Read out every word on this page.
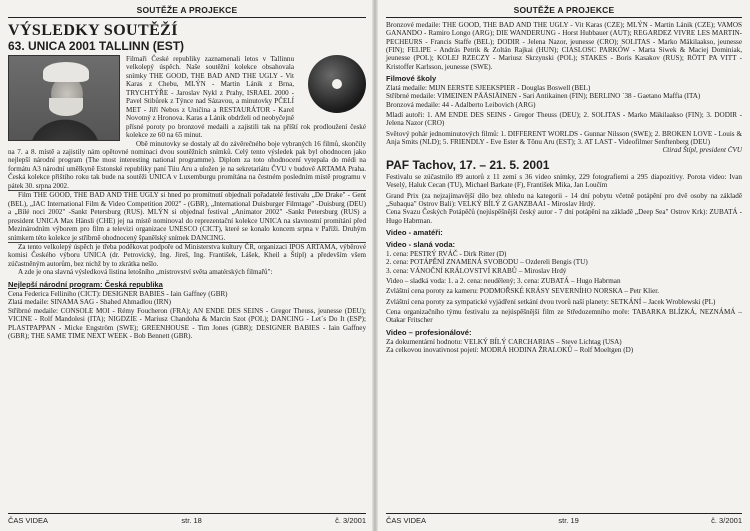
SOUTĚŽE A PROJEKCE
VÝSLEDKY SOUTĚŽÍ
63. UNICA 2001 TALLINN (EST)

Filmaři České republiky zaznamenali letos v Tallinnu velkolepý úspěch. Naše soutěžní kolekce obsahovala snímky THE GOOD, THE BAD AND THE UGLY - Vit Karas z Chebu, MLÝN - Martin Lánik z Brna, TRYCHTÝŘE - Jaroslav Nykl z Prahy, ISRAEL 2000 - Pavel Stibůrek z Týnce nad Sázavou, a minutovky PČELÍ MET - Jiří Nebos z Uničina a RESTAURÁTOR - Karel Novotný z Hronova. Karas a Lánik obdrželi od neobyčejně přísné poroty po bronzové medaili a zajistili tak na příští rok prodloužení české kolekce ze 60 na 65 minut.

Obě minutovky se dostaly až do závěrečného boje vybraných 16 filmů, skončily na 7. a 8. místě a zajistily nám opětovné nominaci dvou soutěžních snímků. Celý tento výsledek pak byl ohodnocen jako nejlepší národní program (The most interesting national programme). Diplom za toto ohodnocení vytepala do médi na formátu A3 národní umělkyně Estonské republiky paní Tiiu Aru a uložen je na sekretariátu ČVU v budově ARTAMA Praha. Česká kolekce přištího roku tak bude na soutěži UNICA v Luxemburgu promítána na čestném posledním místě programu v pátek 30. srpna 2002.

Film THE GOOD, THE BAD AND THE UGLY si hned po promítnutí objednali pořadatelé festivalu „De Drake" - Gent (BEL), „IAC International Film & Video Competition 2002" - (GBR), „International Duisburger Filmtage" -Duisburg (DEU) a „Bílé noci 2002" -Sankt Petersburg (RUS). MLÝN si objednal festival „Animator 2002" -Sankt Petersburg (RUS) a president UNICA Max Hänsli (CHE) jej na místě nominoval do reprezentační kolekce UNICA na slavnostní promítání před Mezinárodním výborem pro film a televizi organizace UNESCO (CICT), které se konalo koncem srpna v Paříži. Druhým snímkem této kolekce je stříbrně ohodnocený španělský snímek DANCING.

Za tento velkolepý úspěch je třeba poděkovat podpoře od Ministerstva kultury ČR, organizaci IPOS ARTAMA, výběrové komisi Českého výboru UNICA (dr. Petrovický, Ing. Jireš, Ing. František, Lášek, Kheil a Štípl) a především všem zúčastněným autorům, bez nichž by to zkrátka nešlo.

A zde je ona slavná výsledková listina letošního „mistrovství světa amatérských filmařů":

Nejlepší národní program: Česká republika

Cena Federica Felliniho (CICT): DESIGNER BABIES - Iain Gaffney (GBR)

Zlatá medaile: SINAMA SAG - Shahed Ahmadlou (IRN)

Stříbrné medaile: CONSOLE MOI - Rémy Foucheron (FRA); AN ENDE DES SEINS - Gregor Theuss, jeunesse (DEU); VICINE - Rolf Mandolesi (ITA); NIGDZIE - Mariusz Chandoha & Marcin Szot (POL); DANCING - Let´s Do It (ESP); PLASTPAPPAN - Micke Engström (SWE); GREENHOUSE - Tim Jones (GBR); DESIGNER BABIES - Iain Gaffney (GBR); THE SAME TIME NEXT WEEK - Bob Bennett (GBR).

ČAS VIDEA	str. 18	č. 3/2001
SOUTĚŽE A PROJEKCE

Bronzové medaile: THE GOOD, THE BAD AND THE UGLY - Vit Karas (CZE); MLÝN - Martin Lánik (CZE); VAMOS GANANDO - Ramiro Longo (ARG); DIE WANDERUNG - Horst Hubbauer (AUT); REGARDEZ VIVRE LES MARTIN-PECHEURS - Francis Staffe (BEL); DODIR - Jelena Nazor, jeunesse (CRO); SOLITAS - Marko Mäkilaakso, jeunesse (FIN); FELIPE - András Petrik & Zoltán Rajkai (HUN); CIASLOSC PARKÓW - Marta Siwek & Maciej Dominiak, jeunesse (POL); KOLEJ RZECZY - Mariusz Skrzynski (POL); STAKES - Boris Kasakov (RUS); RÖTT PA VITT - Kristoffer Karlsson, jeunesse (SWE).

Filmové školy

Zlatá medaile: MIJN EERSTE SJEEKSPIER - Douglas Boswell (BEL)

Stříbrné medaile: VIMEINEN PÄÄSIÄINEN - Sari Antikainen (FIN); BERLINO ´38 - Gaetano Maffia (ITA)

Bronzová medaile: 44 - Adalberto Leibovich (ARG)

Mladí autoři: 1. AM ENDE DES SEINS - Gregor Theuss (DEU); 2. SOLITAS - Marko Mäkilaakso (FIN); 3. DODIR - Jelena Nazor (CRO)

Světový pohár jednominutových filmů: 1. DIFFERENT WORLDS - Gunnar Nilsson (SWE); 2. BROKEN LOVE - Louis & Anja Smits (NLD); 5. FRIENDLY - Eve Ester & Tõnu Aru (EST); 3. AT LAST - Videofilmer Senftenberg (DEU)

Ctirad Štípl, president ČVU

PAF Tachov, 17. – 21. 5. 2001

Festivalu se zúčastnilo 89 autorů z 11 zemí s 36 video snímky, 229 fotografiemi a 295 diapozitivy. Porota video: Ivan Veselý, Haluk Cecan (TU), Michael Barkate (F), František Mika, Jan Loučím

Grand Prix (za nejzajímavější dílo bez ohledu na kategorii - 14 dní pobytu včetně potápění pro dvě osoby na základě „Subaqua" Ostrov Bali): VELKÝ BÍLÝ Z GANZBAAI - Miroslav Hrdý.

Cena Svazu Českých Potápěčů (nejúspěšnější český autor - 7 dní potápění na základě „Deep Sea" Ostrov Krk): ZUBATÁ - Hugo Habrman.

Video - amatéři:
Video - slaná voda:

1. cena: PESTRÝ RVÁČ - Dirk Ritter (D)

2. cena: POTÁPĚNÍ ZNAMENÁ SVOBODU – Ozdereli Bengis (TU)

3. cena: VÁNOČNÍ KRÁLOVSTVÍ KRABŮ – Miroslav Hrdý

Video – sladká voda: 1. a 2. cena: neudělený; 3. cena: ZUBATÁ – Hugo Habrman

Zvláštní cena poroty za kameru: PODMOŘSKÉ KRÁSY SEVERNÍHO NORSKA – Petr Klier.

Zvláštní cena poroty za sympatické vyjádření setkání dvou tvorů naší planety: SETKÁNÍ – Jacek Wroblewski (PL)

Cena organizačního týmu festivalu za nejúspěšnější film ze Středozemního moře: TABARKA BLÍZKÁ, NEZNÁMÁ – Otakar Fritscher

Video – profesionálové:

Za dokumentární hodnotu: VELKÝ BÍLÝ CARCHARIAS – Steve Lichtag (USA)

Za celkovou inovativnost pojetí: MODRÁ HODINA ŽRALOKŮ – Rolf Moeltgen (D)

ČAS VIDEA	str. 19	č. 3/2001
